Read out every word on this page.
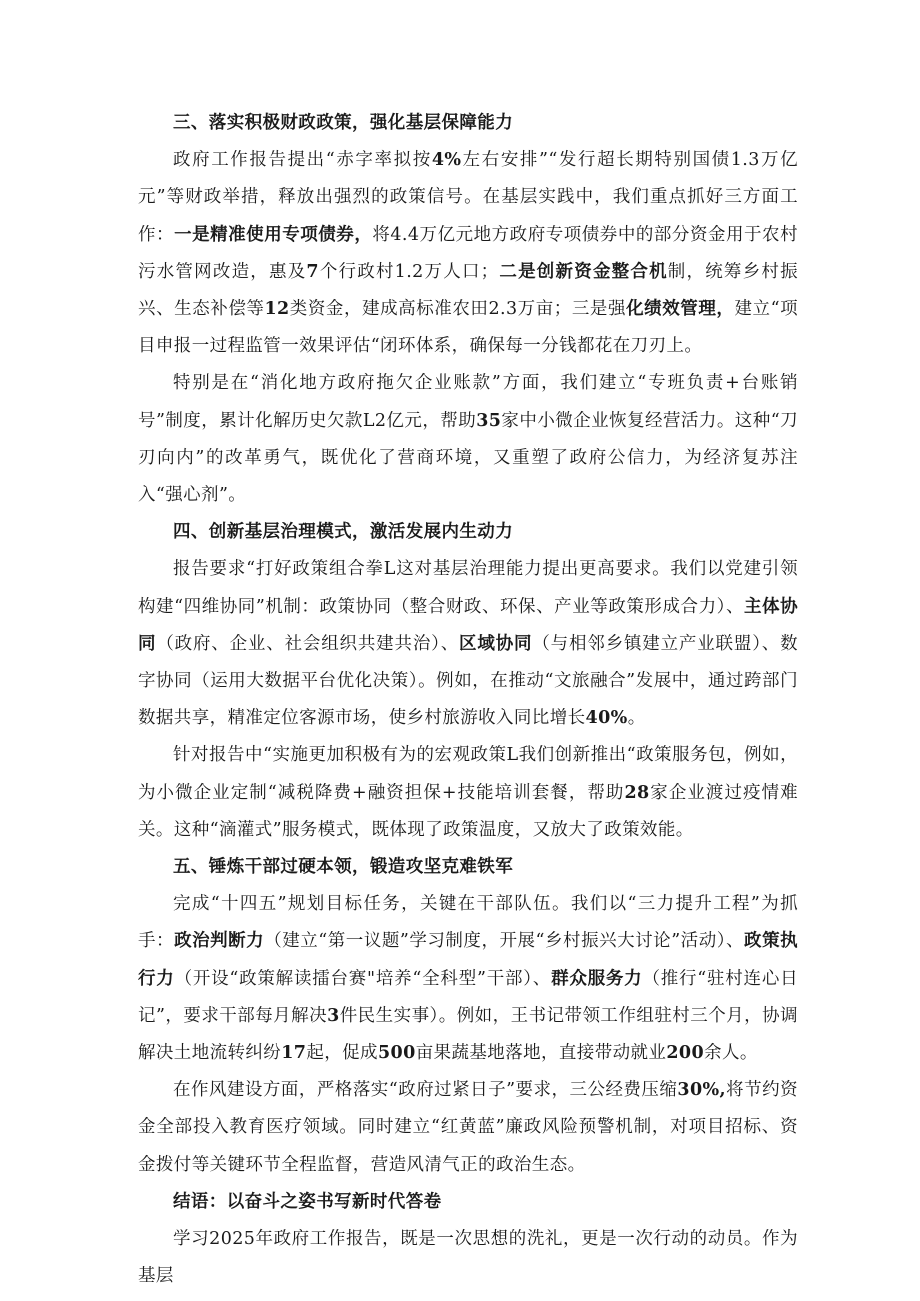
三、落实积极财政政策，强化基层保障能力

政府工作报告提出“赤字率拟按4%左右安排”“发行超长期特别国债1.3万亿元”等财政举措，释放出强烈的政策信号。在基层实践中，我们重点抓好三方面工作：一是精准使用专项债券，将4.4万亿元地方政府专项债券中的部分资金用于农村污水管网改造，惠及7个行政村1.2万人口；二是创新资金整合机制，统筹乡村振兴、生态补偿等12类资金，建成高标准农田2.3万亩；三是强化绩效管理，建立“项目申报一过程监管一效果评估“闭环体系，确保每一分钱都花在刀刃上。

特别是在“消化地方政府拖欠企业账款”方面，我们建立“专班负责+台账销号”制度，累计化解历史欠款L2亿元，帮助35家中小微企业恢复经营活力。这种“刀刃向内”的改革勇气，既优化了营商环境，又重塑了政府公信力，为经济复苏注入“强心剂”。

四、创新基层治理模式，激活发展内生动力

报告要求“打好政策组合拳L这对基层治理能力提出更高要求。我们以党建引领构建“四维协同”机制：政策协同（整合财政、环保、产业等政策形成合力）、主体协同（政府、企业、社会组织共建共治）、区域协同（与相邻乡镇建立产业联盟）、数字协同（运用大数据平台优化决策）。例如，在推动“文旅融合”发展中，通过跨部门数据共享，精准定位客源市场，使乡村旅游收入同比增长40%。

针对报告中“实施更加积极有为的宏观政策L我们创新推出“政策服务包，例如，为小微企业定制“减税降费+融资担保+技能培训套餐，帮助28家企业渡过疫情难关。这种“滴灌式”服务模式，既体现了政策温度，又放大了政策效能。

五、锤炼干部过硬本领，锻造攻坚克难铁军

完成“十四五”规划目标任务，关键在干部队伍。我们以“三力提升工程”为抓手：政治判断力（建立“第一议题”学习制度，开展“乡村振兴大讨论”活动）、政策执行力（开设“政策解读擂台赛"培养“全科型”干部）、群众服务力（推行“驻村连心日记”，要求干部每月解决3件民生实事）。例如，王书记带领工作组驻村三个月，协调解决土地流转纠纷17起，促成500亩果蔬基地落地，直接带动就业200余人。

在作风建设方面，严格落实“政府过紧日子”要求，三公经费压缩30%,将节约资金全部投入教育医疗领域。同时建立“红黄蓝”廉政风险预警机制，对项目招标、资金拨付等关键环节全程监督，营造风清气正的政治生态。

结语：以奋斗之姿书写新时代答卷

学习2025年政府工作报告，既是一次思想的洗礼，更是一次行动的动员。作为基层
